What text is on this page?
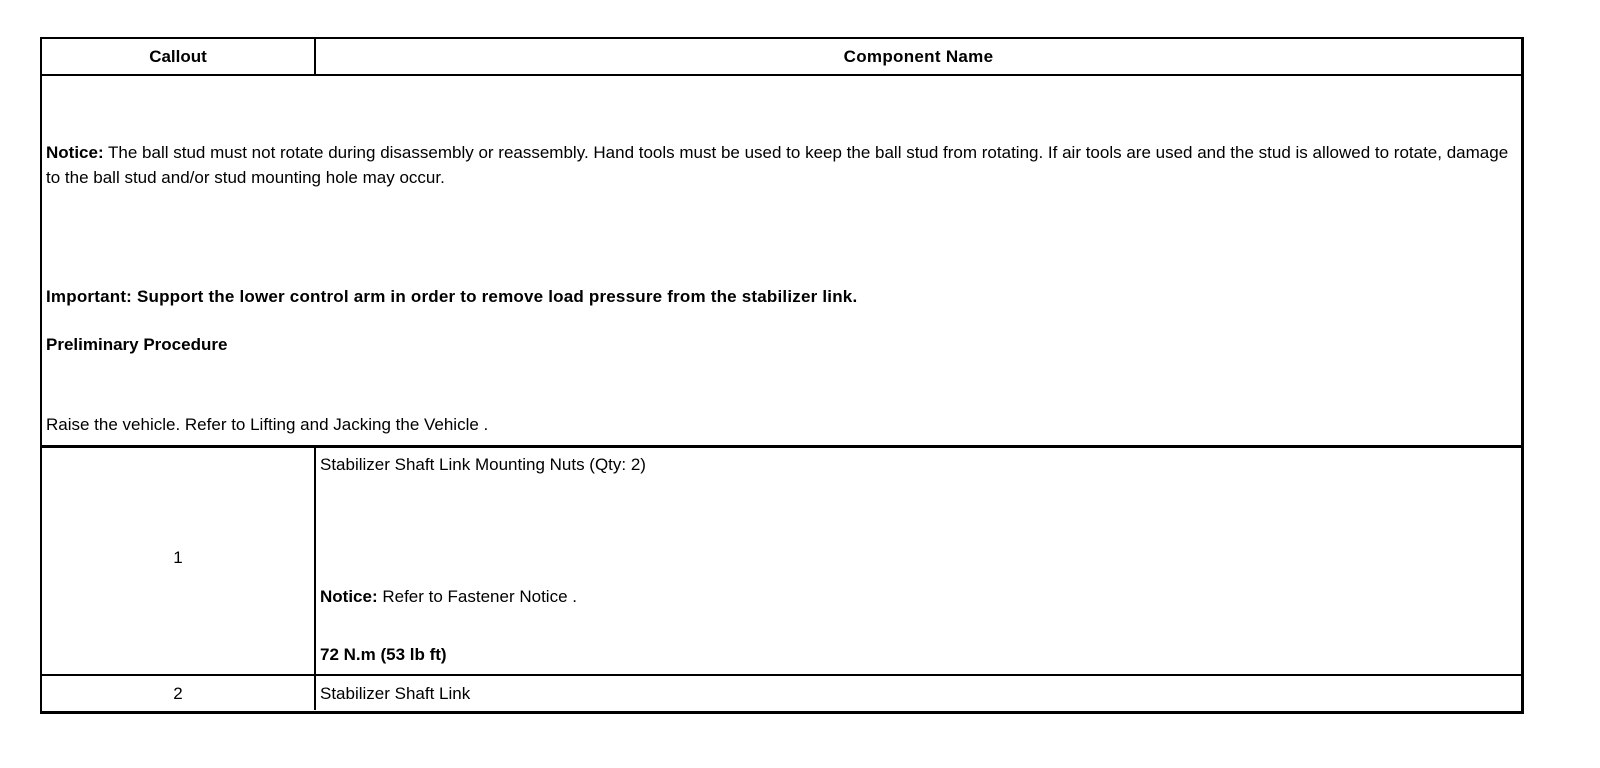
Callout	Component Name
Notice: The ball stud must not rotate during disassembly or reassembly. Hand tools must be used to keep the ball stud from rotating. If air tools are used and the stud is allowed to rotate, damage to the ball stud and/or stud mounting hole may occur.
Important: Support the lower control arm in order to remove load pressure from the stabilizer link.
Preliminary Procedure
Raise the vehicle. Refer to Lifting and Jacking the Vehicle .
1
Stabilizer Shaft Link Mounting Nuts (Qty: 2)
Notice: Refer to Fastener Notice .
72 N.m (53 lb ft)
2	Stabilizer Shaft Link
